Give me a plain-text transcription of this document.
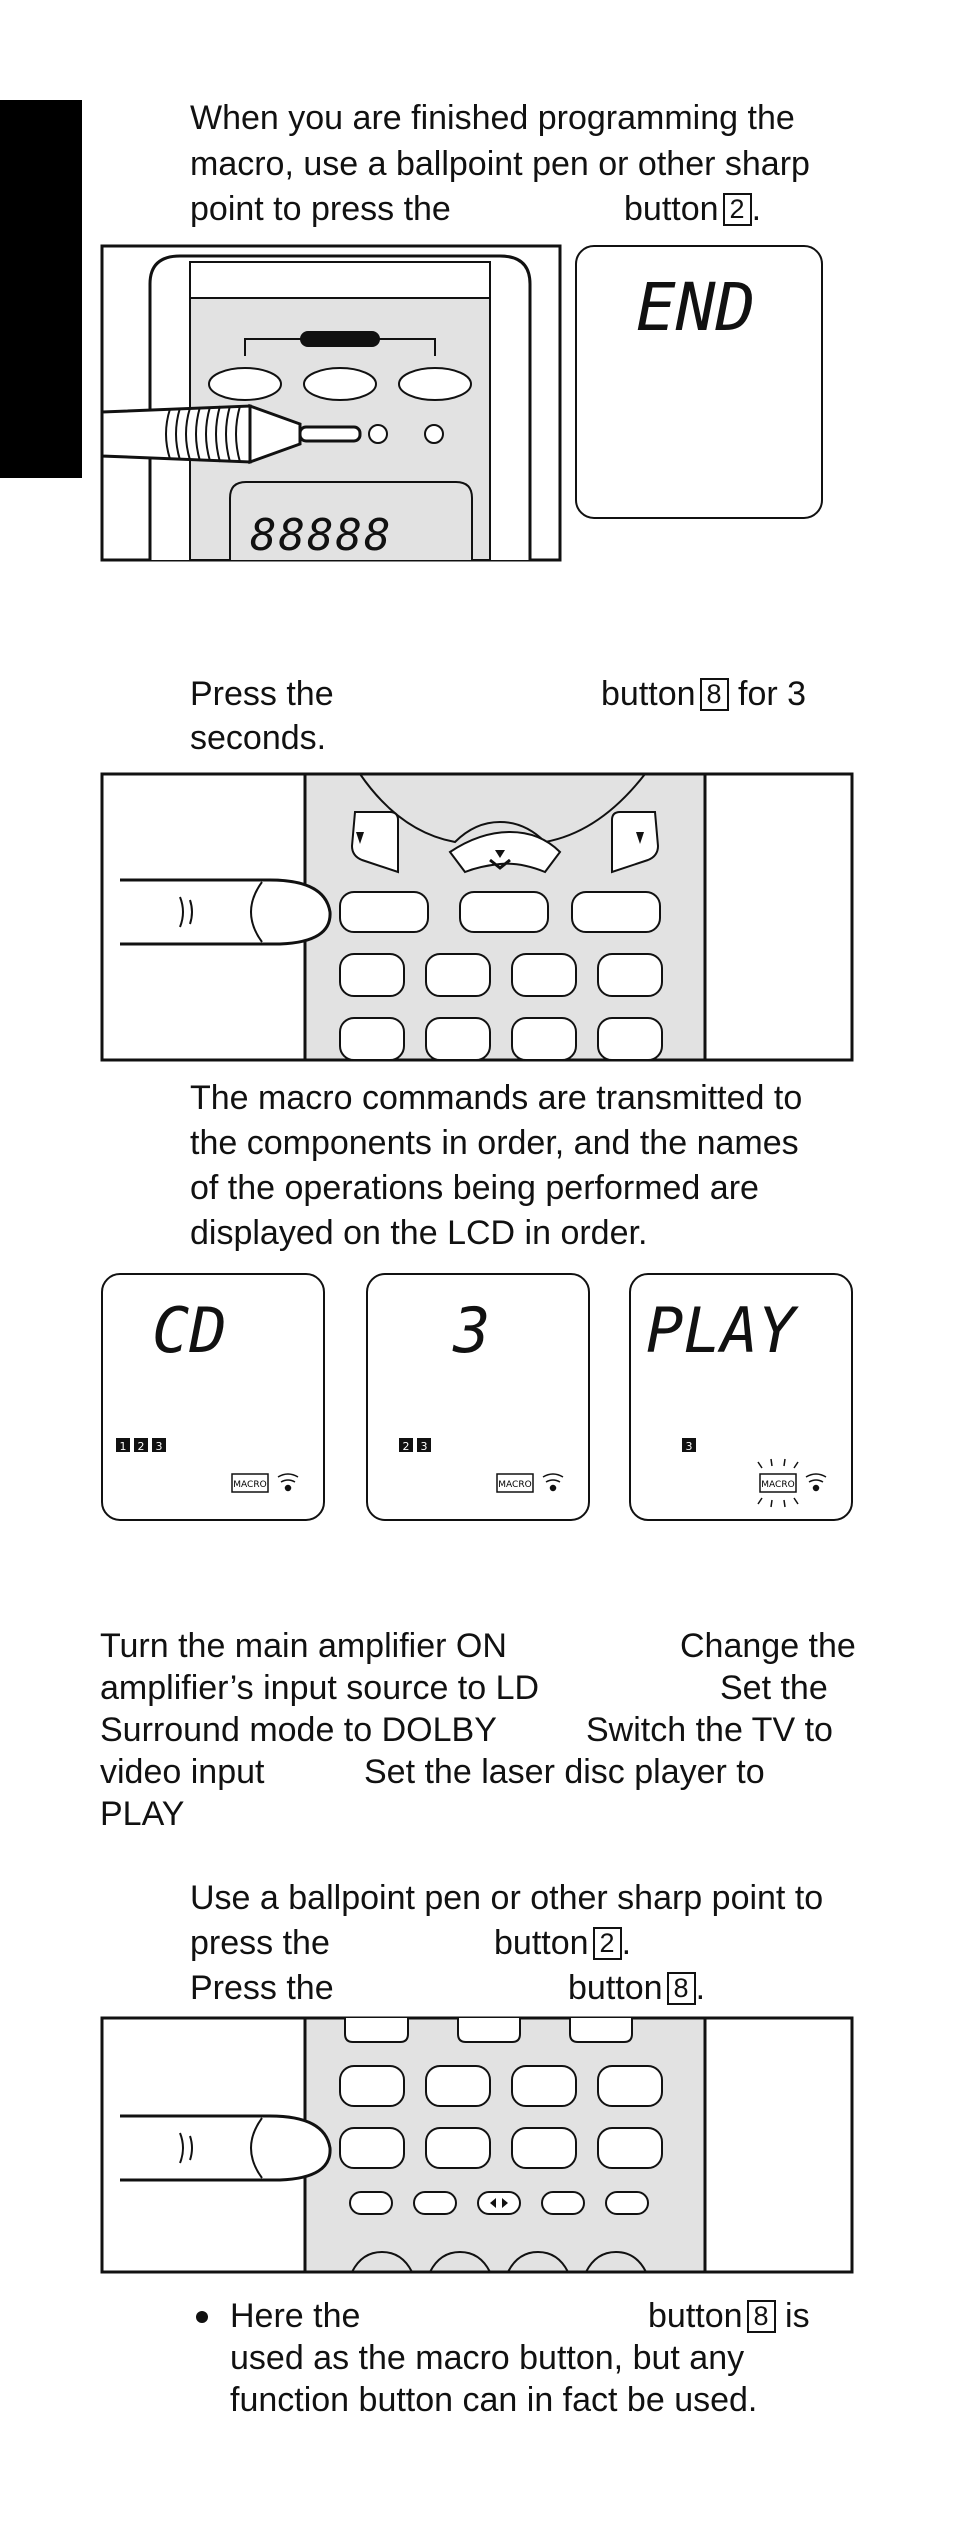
When you are finished programming the

macro, use a ballpoint pen or other sharp

point to press the	button 2 .

88888
END

Press the	button 8 for 3

seconds.

The macro commands are transmitted to

the components in order, and the names

of the operations being performed are

displayed on the LCD in order.

CD
1 2 3
MACRO
3
2 3
MACRO
PLAY
3
MACRO

Turn the main amplifier ON	Change the

amplifier’s input source to LD	Set the

Surround mode to DOLBY	Switch the TV to

video input	Set the laser disc player to

PLAY

Use a ballpoint pen or other sharp point to

press the	button 2 .

Press the	button 8 .

Here the	button 8 is

used as the macro button, but any

function button can in fact be used.
